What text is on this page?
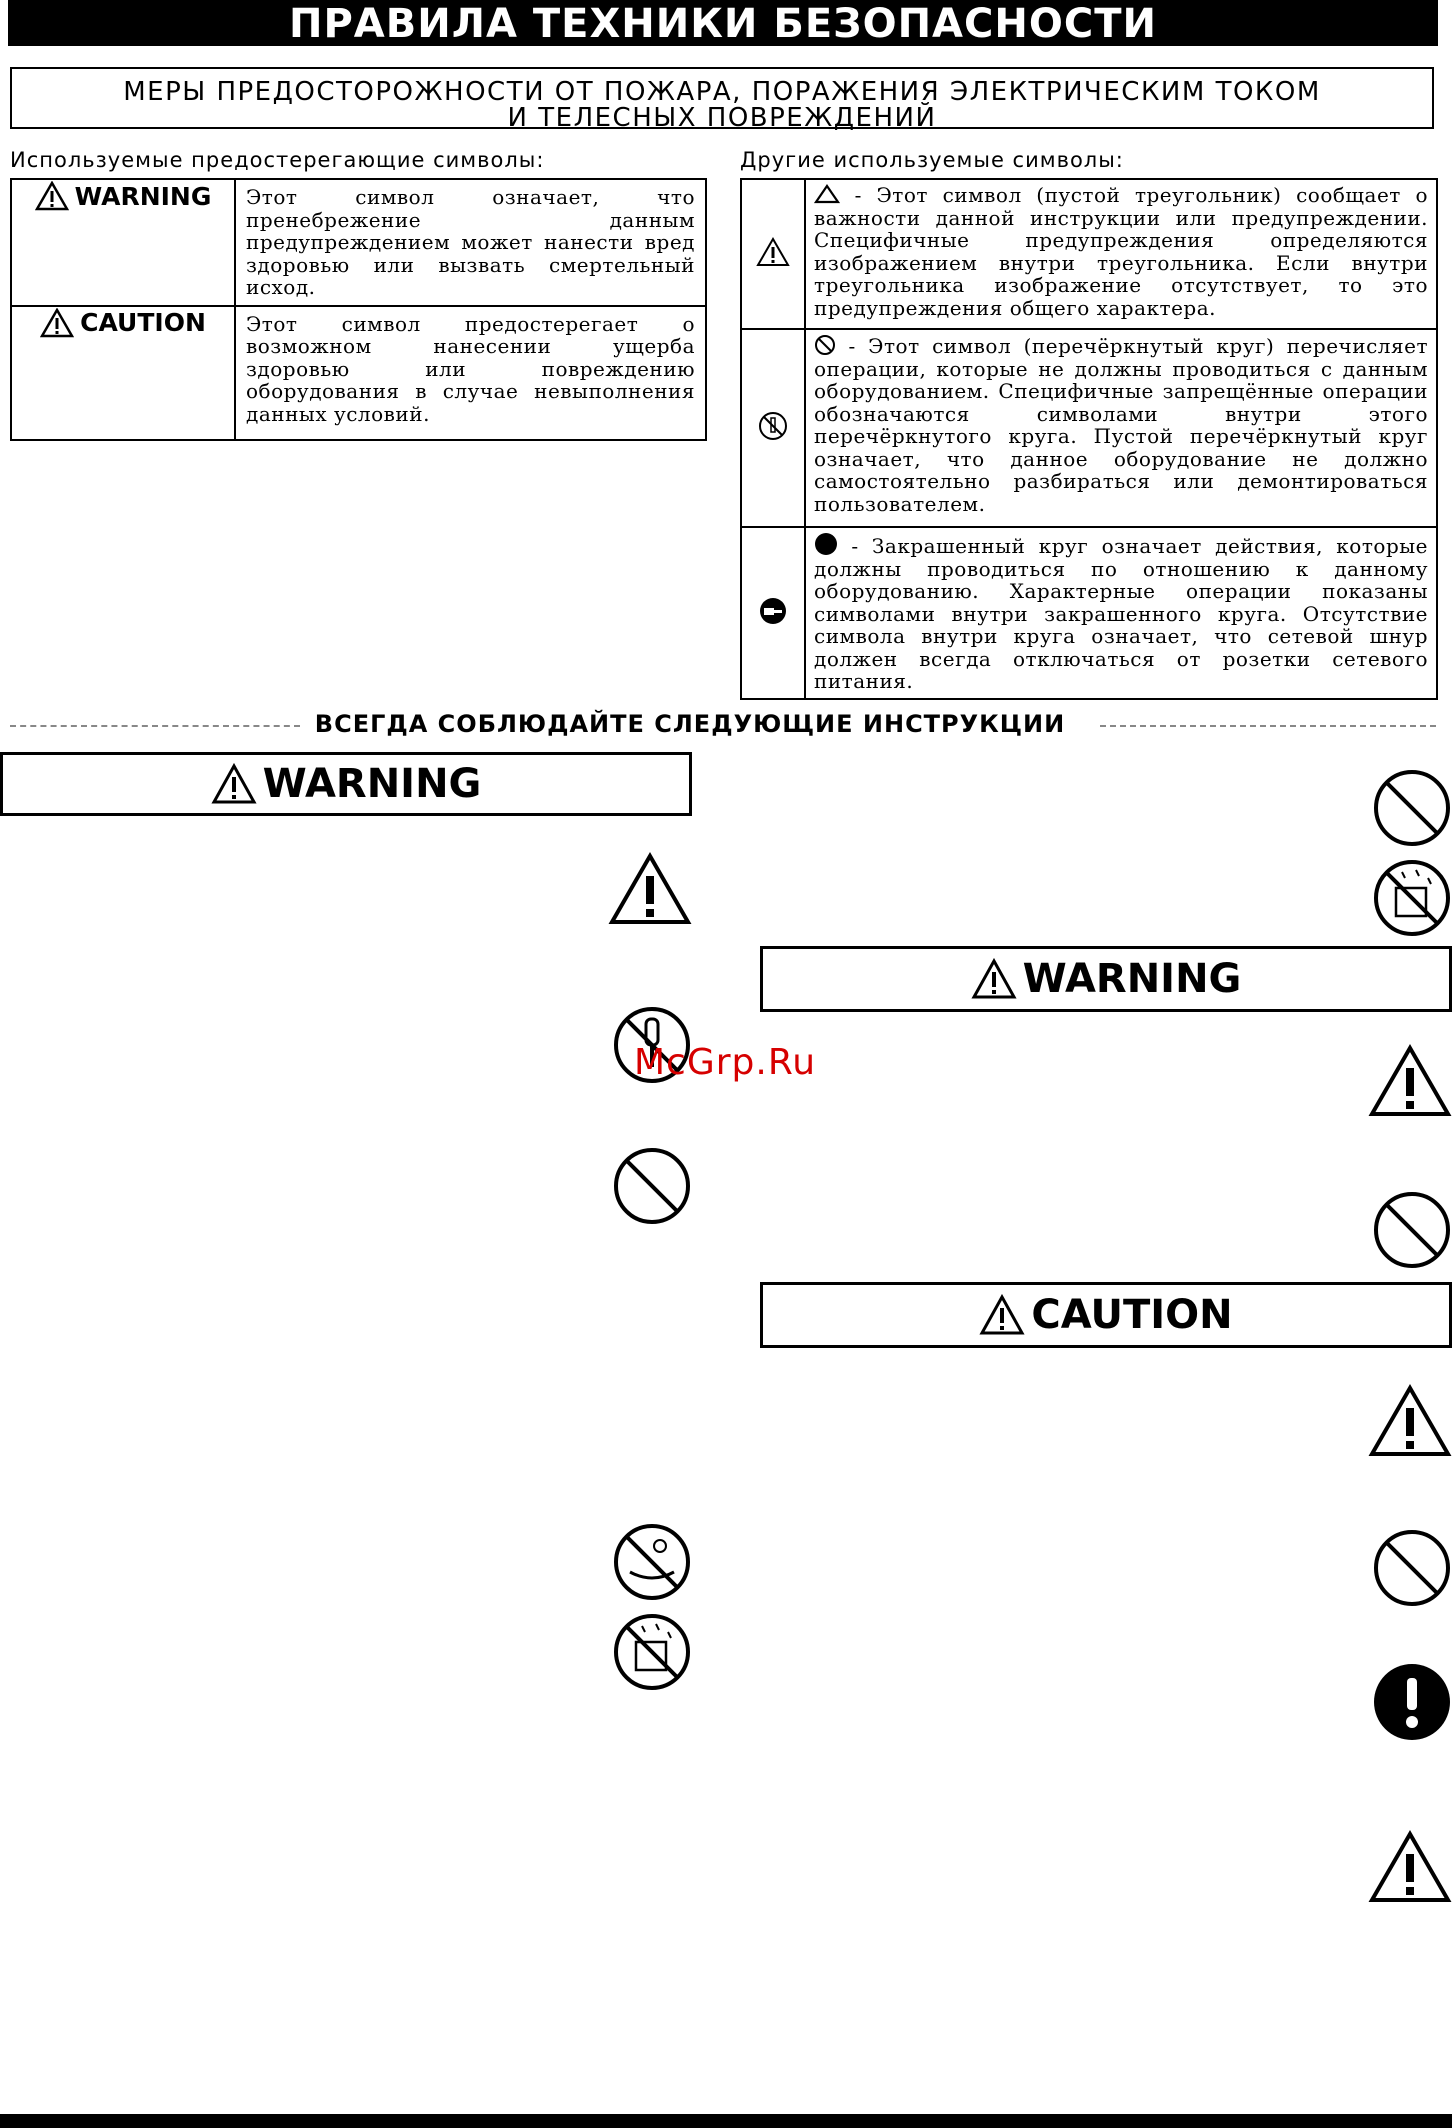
ПРАВИЛА ТЕХНИКИ БЕЗОПАСНОСТИ
МЕРЫ ПРЕДОСТОРОЖНОСТИ ОТ ПОЖАРА, ПОРАЖЕНИЯ ЭЛЕКТРИЧЕСКИМ ТОКОМ
И ТЕЛЕСНЫХ ПОВРЕЖДЕНИЙ
Используемые предостерегающие символы:
WARNING	Этот символ означает, что пренебрежение данным предупреждением может нанести вред здоровью или вызвать смертельный исход.

CAUTION	Этот символ предостерегает о возможном нанесении ущерба здоровью или повреждению оборудования в случае невыполнения данных условий.
Другие используемые символы:

- Этот символ (пустой треугольник) сообщает о важности данной инструкции или предупреждении. Специфичные предупреждения определяются изображением внутри треугольника. Если внутри треугольника изображение отсутствует, то это предупреждения общего характера.

- Этот символ (перечёркнутый круг) перечисляет операции, которые не должны проводиться с данным оборудованием. Специфичные запрещённые операции обозначаются символами внутри этого перечёркнутого круга. Пустой перечёркнутый круг означает, что данное оборудование не должно самостоятельно разбираться или демонтироваться пользователем.

- Закрашенный круг означает действия, которые должны проводиться по отношению к данному оборудованию. Характерные операции показаны символами внутри закрашенного круга. Отсутствие символа внутри круга означает, что сетевой шнур должен всегда отключаться от розетки сетевого питания.
ВСЕГДА СОБЛЮДАЙТЕ СЛЕДУЮЩИЕ ИНСТРУКЦИИ
WARNING
WARNING
CAUTION
McGrp.Ru
